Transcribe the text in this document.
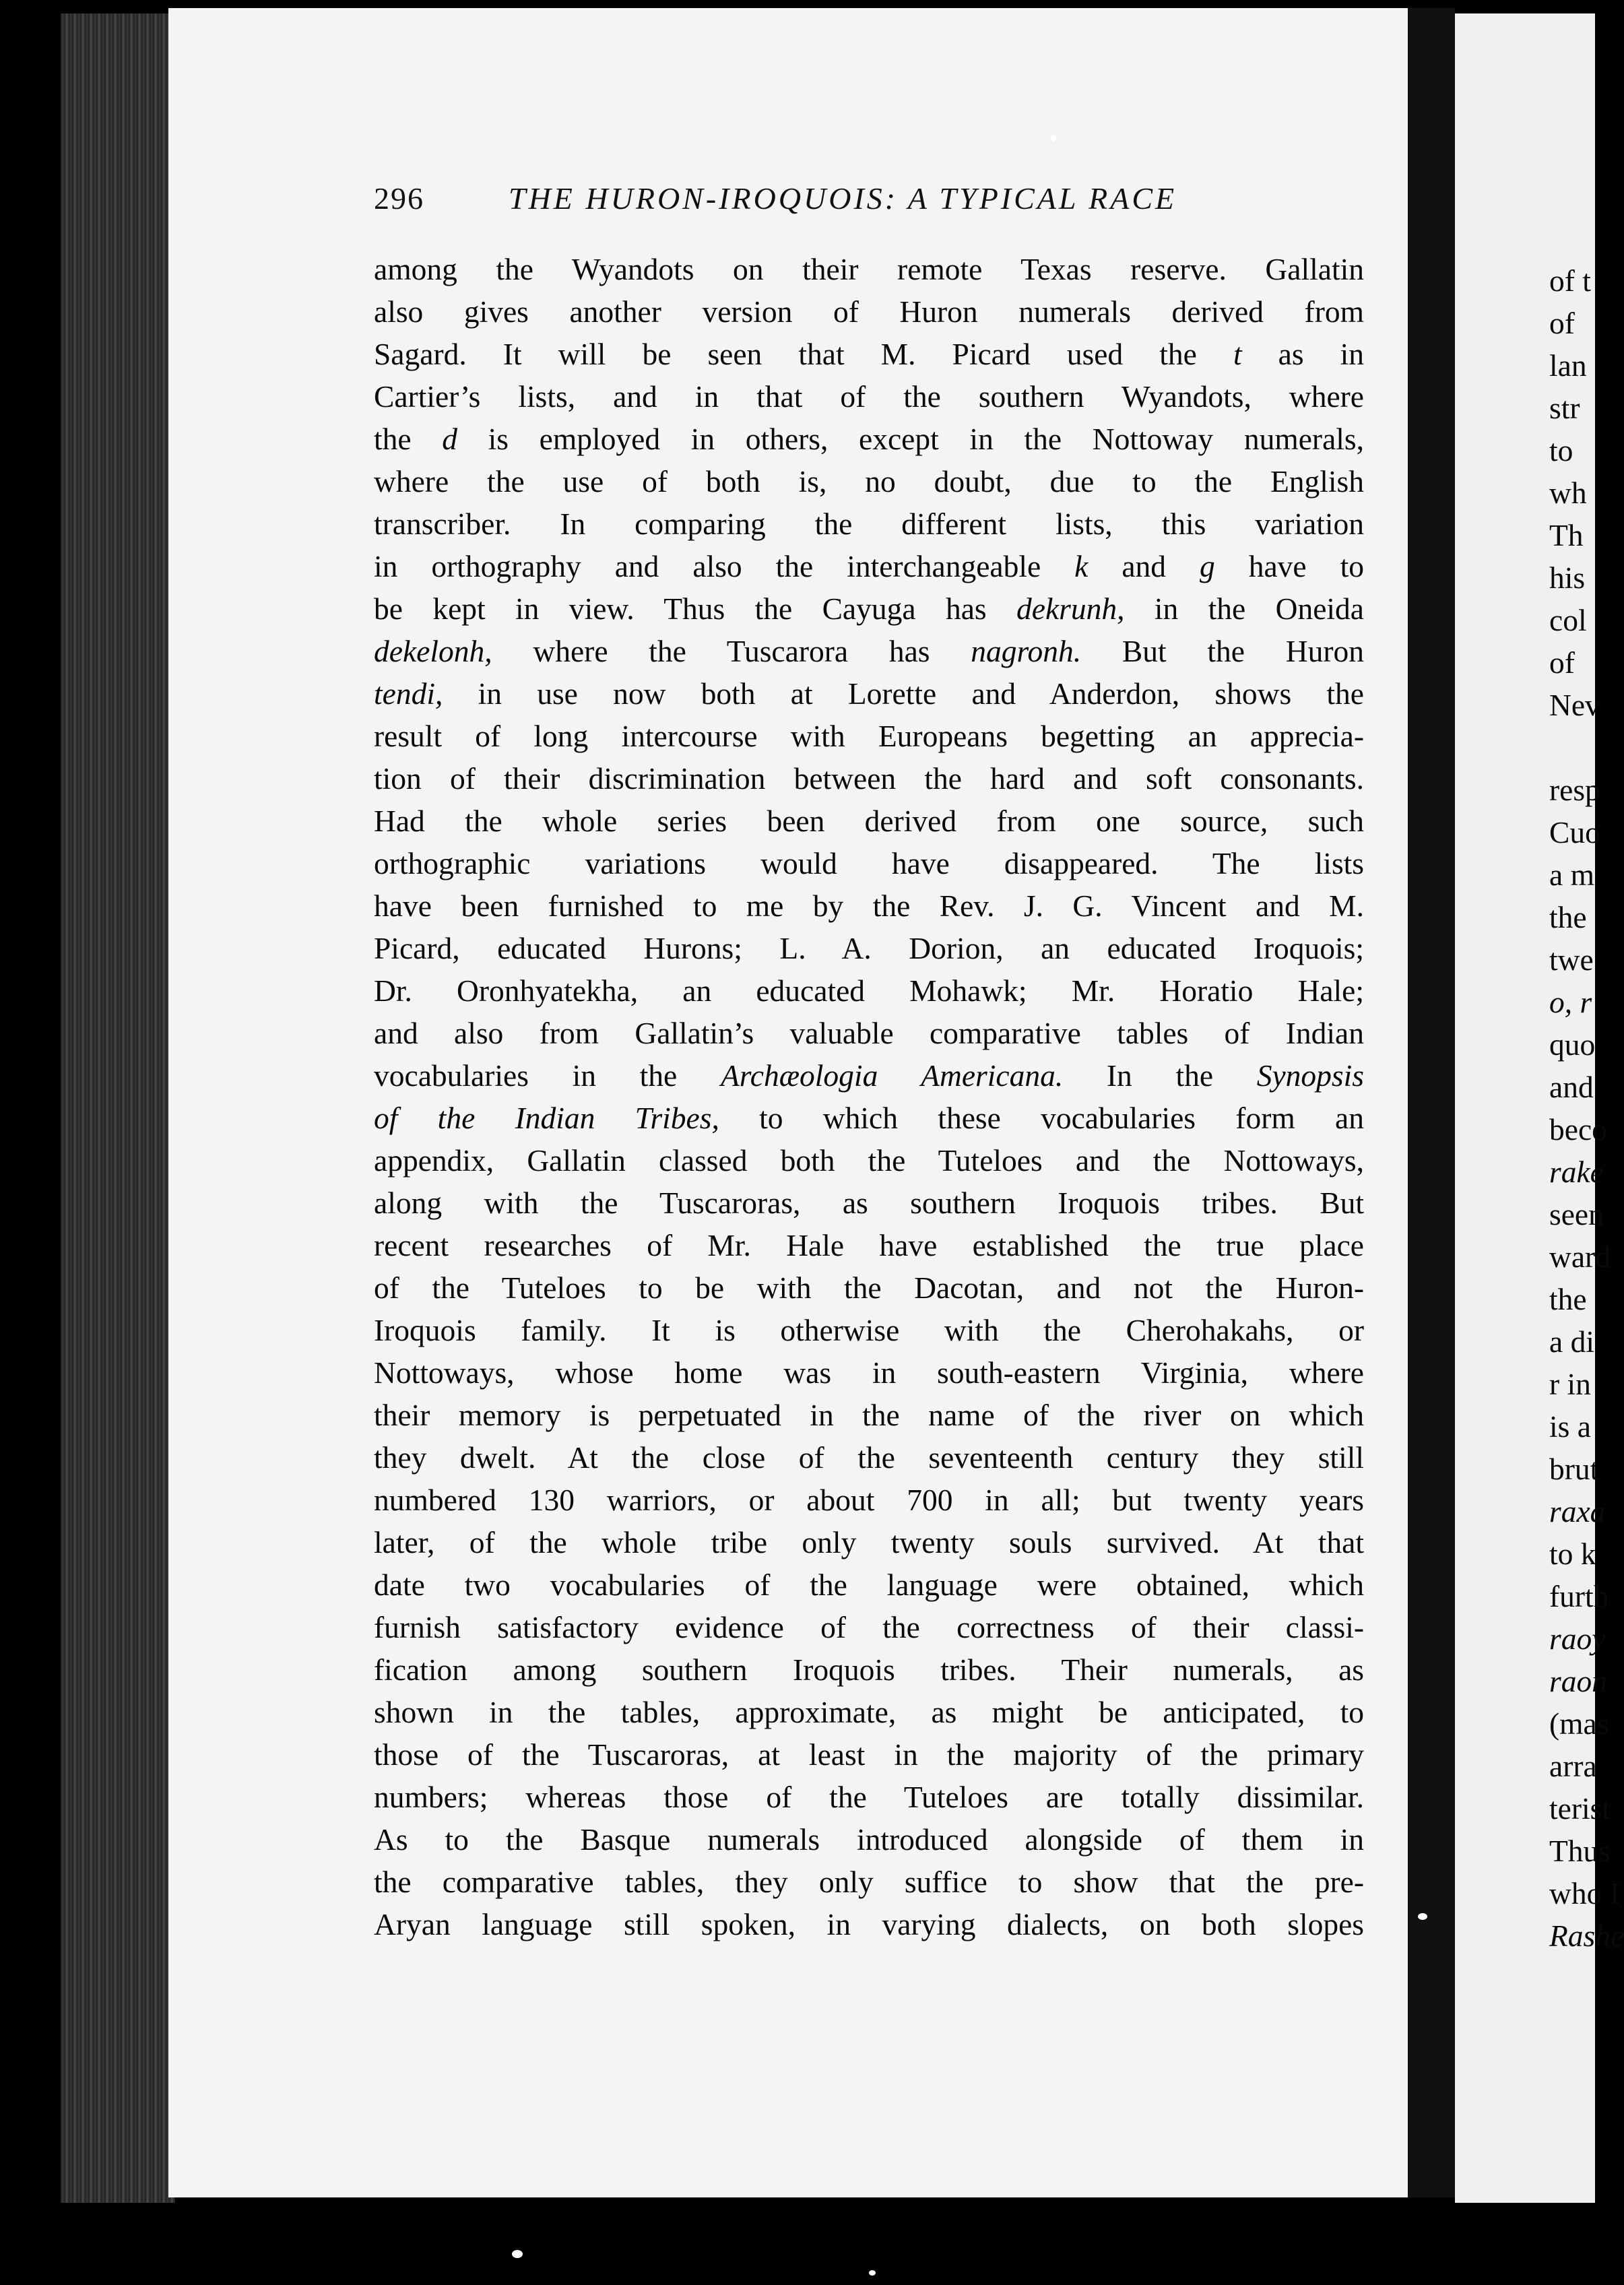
296	THE HURON-IROQUOIS: A TYPICAL RACE
among the Wyandots on their remote Texas reserve. Gallatin
also gives another version of Huron numerals derived from
Sagard. It will be seen that M. Picard used the t as in
Cartier’s lists, and in that of the southern Wyandots, where
the d is employed in others, except in the Nottoway numerals,
where the use of both is, no doubt, due to the English
transcriber. In comparing the different lists, this variation
in orthography and also the interchangeable k and g have to
be kept in view. Thus the Cayuga has dekrunh, in the Oneida
dekelonh, where the Tuscarora has nagronh. But the Huron
tendi, in use now both at Lorette and Anderdon, shows the
result of long intercourse with Europeans begetting an apprecia-
tion of their discrimination between the hard and soft consonants.
Had the whole series been derived from one source, such
orthographic variations would have disappeared. The lists
have been furnished to me by the Rev. J. G. Vincent and M.
Picard, educated Hurons; L. A. Dorion, an educated Iroquois;
Dr. Oronhyatekha, an educated Mohawk; Mr. Horatio Hale;
and also from Gallatin’s valuable comparative tables of Indian
vocabularies in the Archæologia Americana. In the Synopsis
of the Indian Tribes, to which these vocabularies form an
appendix, Gallatin classed both the Tuteloes and the Nottoways,
along with the Tuscaroras, as southern Iroquois tribes. But
recent researches of Mr. Hale have established the true place
of the Tuteloes to be with the Dacotan, and not the Huron-
Iroquois family. It is otherwise with the Cherohakahs, or
Nottoways, whose home was in south-eastern Virginia, where
their memory is perpetuated in the name of the river on which
they dwelt. At the close of the seventeenth century they still
numbered 130 warriors, or about 700 in all; but twenty years
later, of the whole tribe only twenty souls survived. At that
date two vocabularies of the language were obtained, which
furnish satisfactory evidence of the correctness of their classi-
fication among southern Iroquois tribes. Their numerals, as
shown in the tables, approximate, as might be anticipated, to
those of the Tuscaroras, at least in the majority of the primary
numbers; whereas those of the Tuteloes are totally dissimilar.
As to the Basque numerals introduced alongside of them in
the comparative tables, they only suffice to show that the pre-
Aryan language still spoken, in varying dialects, on both slopes
of t
of
lan
str
to
wh
Th
his
col
of
Nev
resp
Cuo
a m
the
twe
o, r
quo
and
beco
rake
seen
ward
the
a di
r in
is a
brut
raxa
to k
furth
raoy
raon
(mas
arra
terist
Thus
who I
Rashe
